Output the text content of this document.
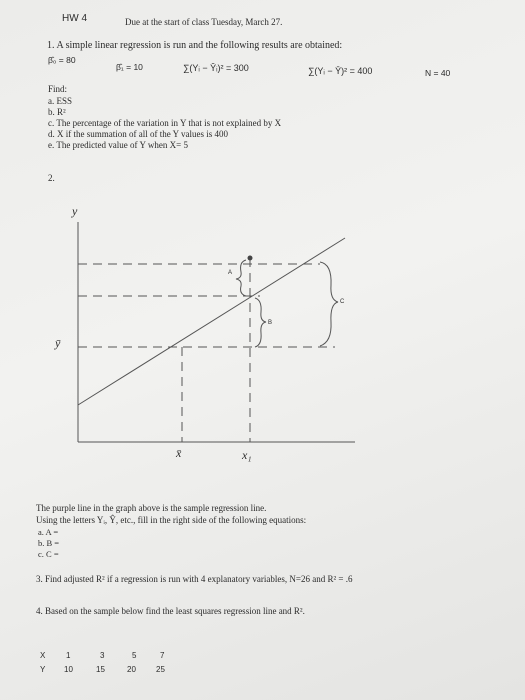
HW 4	Due at the start of class Tuesday, March 27.
1. A simple linear regression is run and the following results are obtained:
β̂₀ = 80
β̂₁ = 10	∑(Yᵢ − Ŷᵢ)² = 300	∑(Yᵢ − Ȳ)² = 400	N = 40
Find:
a. ESS
b. R²
c. The percentage of the variation in Y that is not explained by X
d. X if the summation of all of the Y values is 400
e. The predicted value of Y when X= 5
2.
y
ȳ
x̄	x₁
A
B
C
The purple line in the graph above is the sample regression line.
Using the letters Yᵢ, Ŷ, etc., fill in the right side of the following equations:
a. A =
b. B =
c. C =
3. Find adjusted R² if a regression is run with 4 explanatory variables, N=26 and R² = .6
4. Based on the sample below find the least squares regression line and R².
X	1	3	5	7
Y 10	15	20	25
